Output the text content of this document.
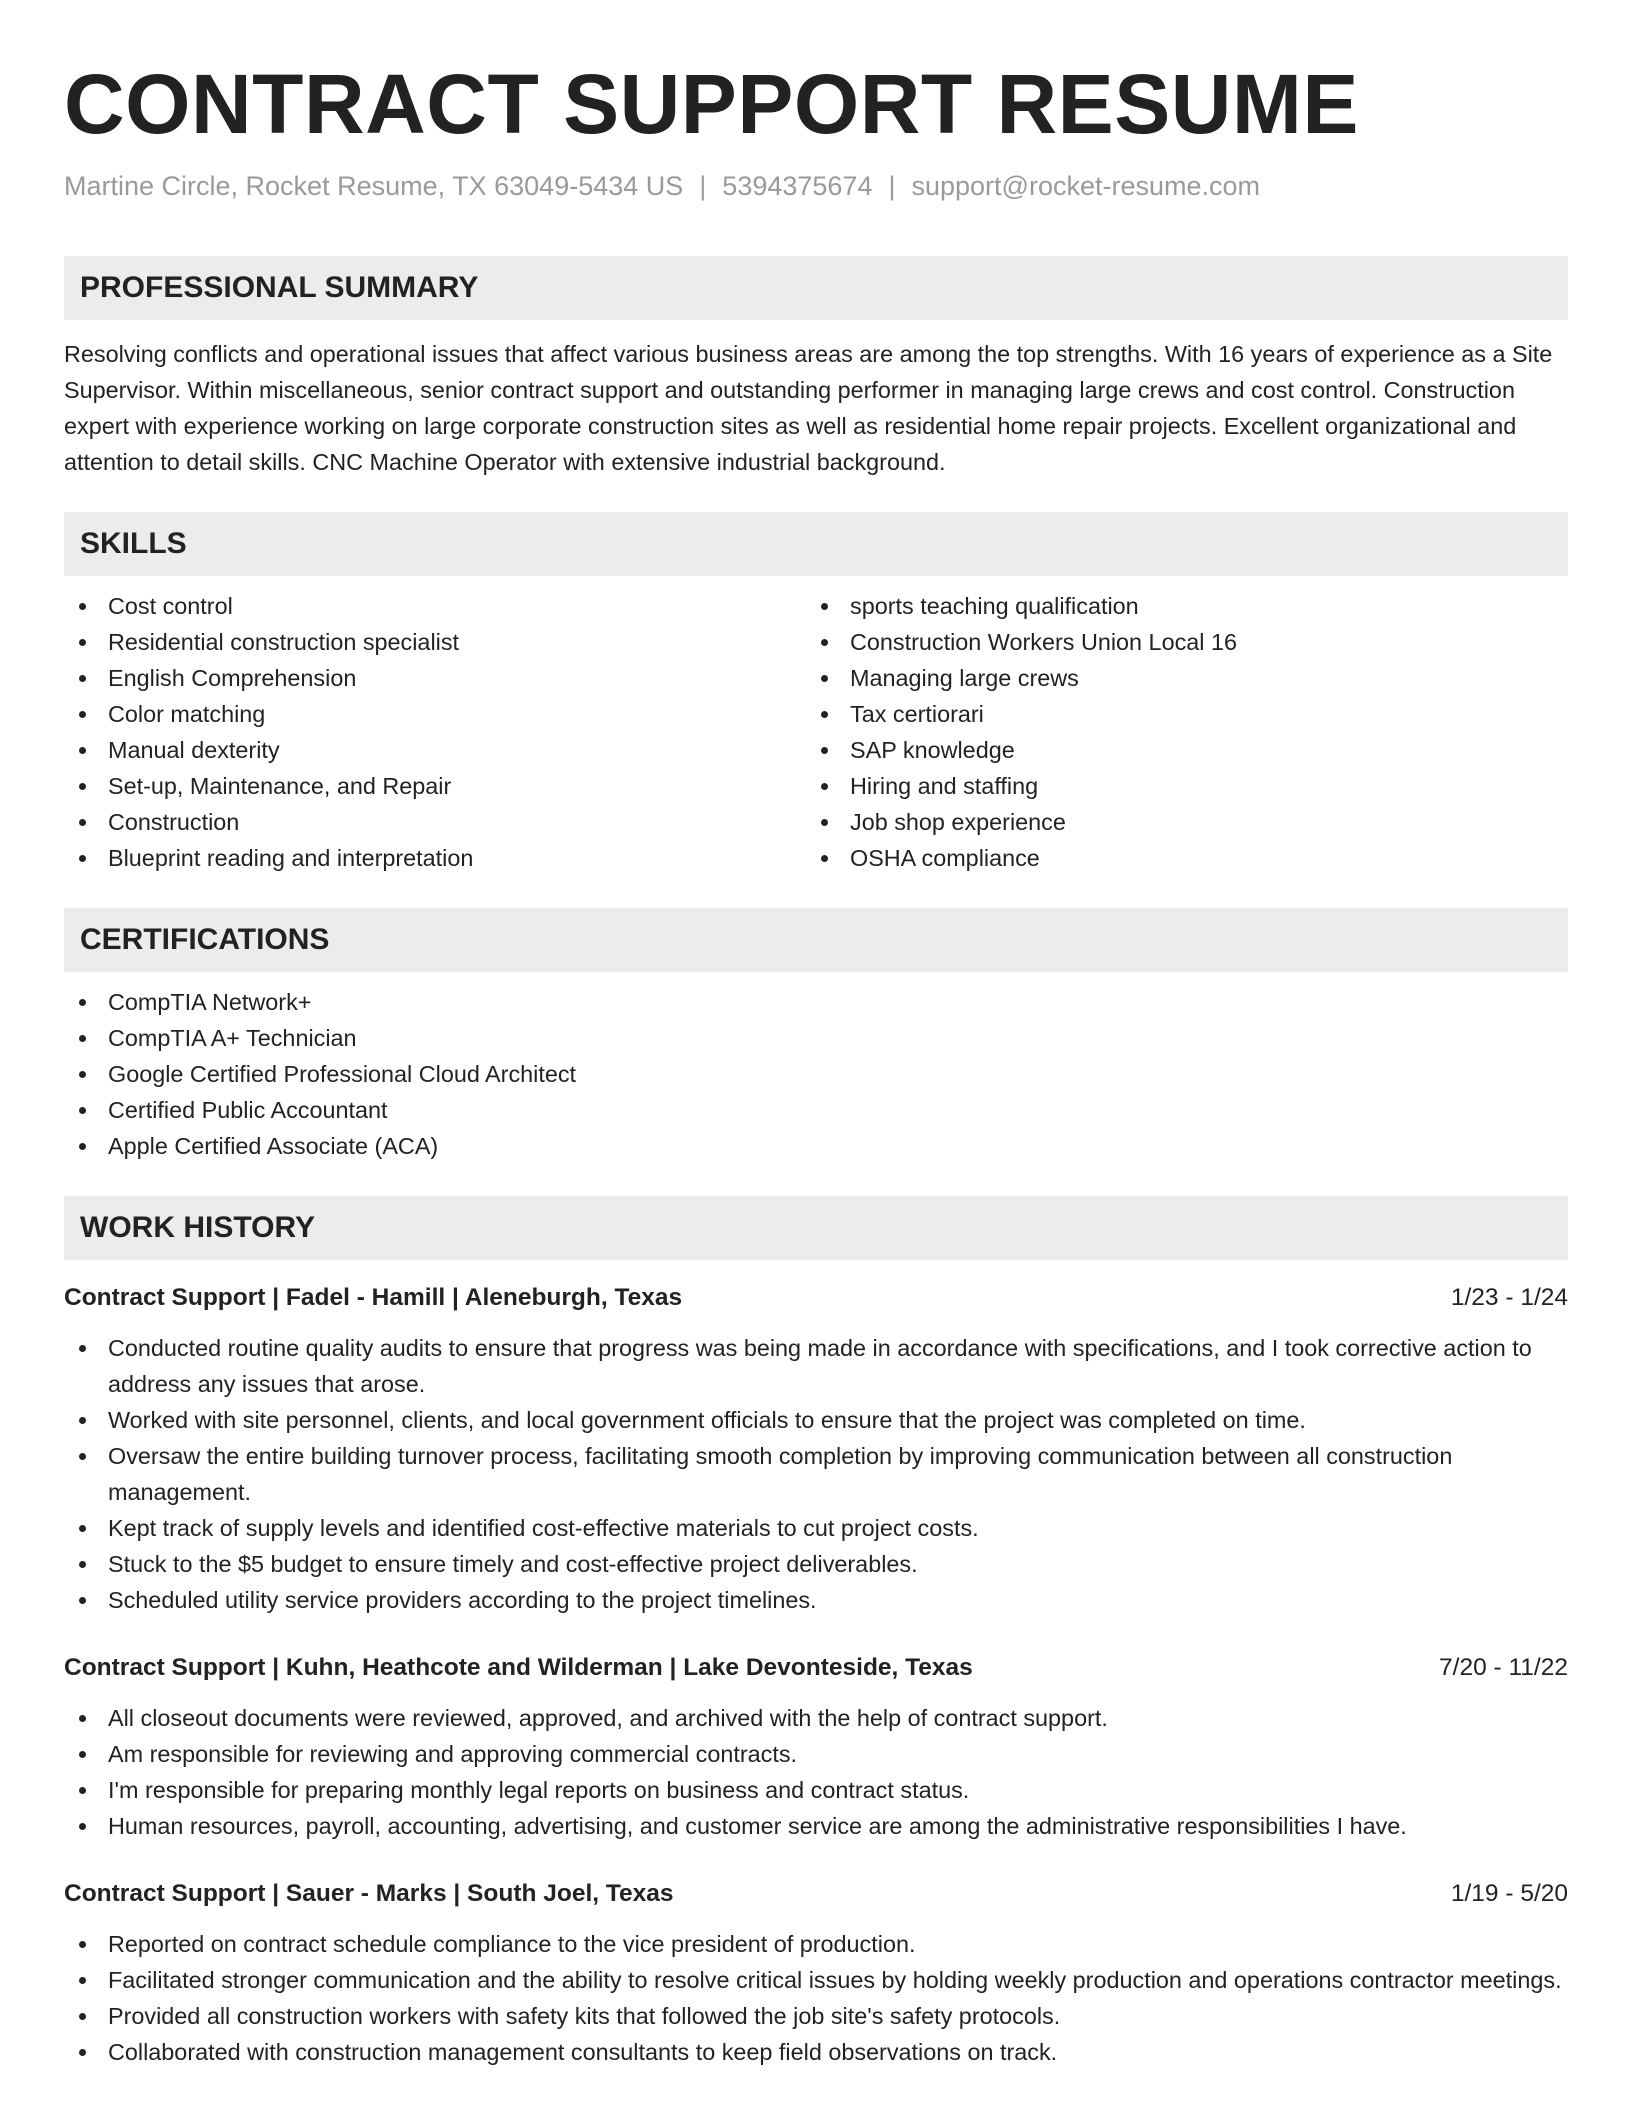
CONTRACT SUPPORT RESUME
Martine Circle, Rocket Resume, TX 63049-5434 US | 5394375674 | support@rocket-resume.com
PROFESSIONAL SUMMARY

Resolving conflicts and operational issues that affect various business areas are among the top strengths. With 16 years of experience as a Site Supervisor. Within miscellaneous, senior contract support and outstanding performer in managing large crews and cost control. Construction expert with experience working on large corporate construction sites as well as residential home repair projects. Excellent organizational and attention to detail skills. CNC Machine Operator with extensive industrial background.

SKILLS
Cost control
Residential construction specialist
English Comprehension
Color matching
Manual dexterity
Set-up, Maintenance, and Repair
Construction
Blueprint reading and interpretation
sports teaching qualification
Construction Workers Union Local 16
Managing large crews
Tax certiorari
SAP knowledge
Hiring and staffing
Job shop experience
OSHA compliance
CERTIFICATIONS
CompTIA Network+
CompTIA A+ Technician
Google Certified Professional Cloud Architect
Certified Public Accountant
Apple Certified Associate (ACA)
WORK HISTORY
Contract Support | Fadel - Hamill | Aleneburgh, Texas	1/23 - 1/24
Conducted routine quality audits to ensure that progress was being made in accordance with specifications, and I took corrective action to address any issues that arose.
Worked with site personnel, clients, and local government officials to ensure that the project was completed on time.
Oversaw the entire building turnover process, facilitating smooth completion by improving communication between all construction management.
Kept track of supply levels and identified cost-effective materials to cut project costs.
Stuck to the $5 budget to ensure timely and cost-effective project deliverables.
Scheduled utility service providers according to the project timelines.
Contract Support | Kuhn, Heathcote and Wilderman | Lake Devonteside, Texas	7/20 - 11/22
All closeout documents were reviewed, approved, and archived with the help of contract support.
Am responsible for reviewing and approving commercial contracts.
I'm responsible for preparing monthly legal reports on business and contract status.
Human resources, payroll, accounting, advertising, and customer service are among the administrative responsibilities I have.
Contract Support | Sauer - Marks | South Joel, Texas	1/19 - 5/20
Reported on contract schedule compliance to the vice president of production.
Facilitated stronger communication and the ability to resolve critical issues by holding weekly production and operations contractor meetings.
Provided all construction workers with safety kits that followed the job site's safety protocols.
Collaborated with construction management consultants to keep field observations on track.
